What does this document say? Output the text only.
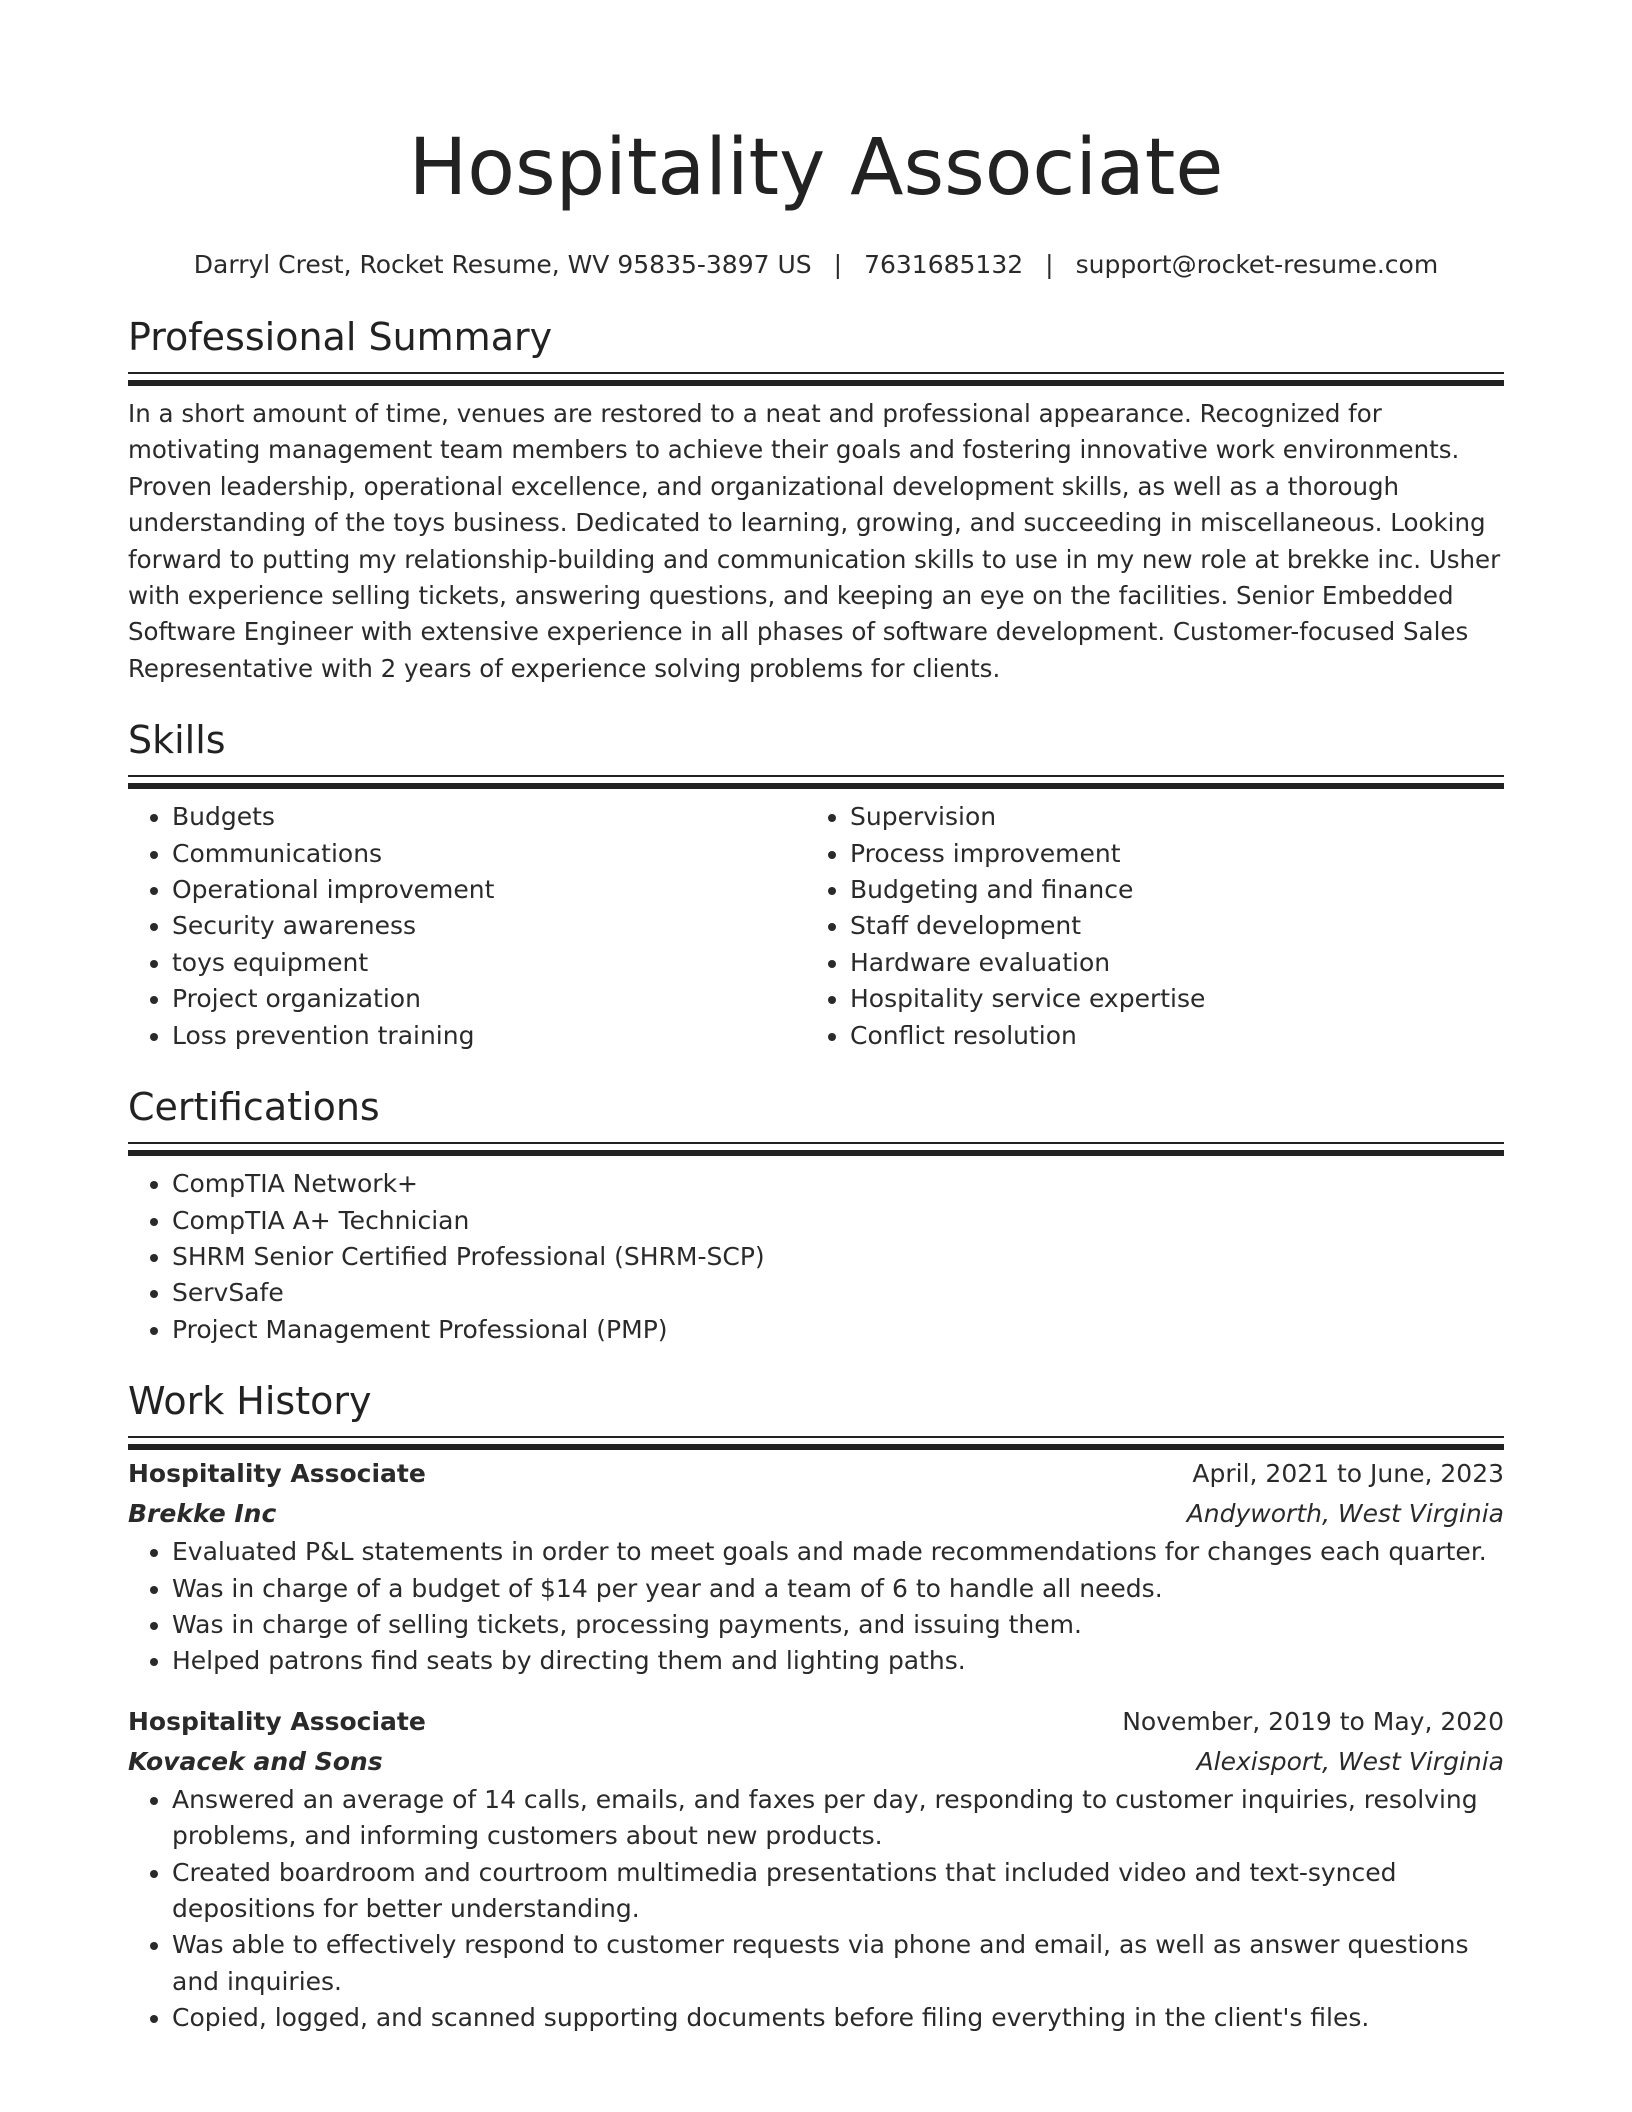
Hospitality Associate
Darryl Crest, Rocket Resume, WV 95835-3897 US | 7631685132 | support@rocket-resume.com
Professional Summary

In a short amount of time, venues are restored to a neat and professional appearance. Recognized for motivating management team members to achieve their goals and fostering innovative work environments. Proven leadership, operational excellence, and organizational development skills, as well as a thorough understanding of the toys business. Dedicated to learning, growing, and succeeding in miscellaneous. Looking forward to putting my relationship-building and communication skills to use in my new role at brekke inc. Usher with experience selling tickets, answering questions, and keeping an eye on the facilities. Senior Embedded Software Engineer with extensive experience in all phases of software development. Customer-focused Sales Representative with 2 years of experience solving problems for clients.

Skills
• Budgets
• Communications
• Operational improvement
• Security awareness
• toys equipment
• Project organization
• Loss prevention training
• Supervision
• Process improvement
• Budgeting and finance
• Staff development
• Hardware evaluation
• Hospitality service expertise
• Conflict resolution
Certifications
• CompTIA Network+
• CompTIA A+ Technician
• SHRM Senior Certified Professional (SHRM-SCP)
• ServSafe
• Project Management Professional (PMP)
Work History
Hospitality Associate	April, 2021 to June, 2023
Brekke Inc	Andyworth, West Virginia
• Evaluated P&L statements in order to meet goals and made recommendations for changes each quarter.
• Was in charge of a budget of $14 per year and a team of 6 to handle all needs.
• Was in charge of selling tickets, processing payments, and issuing them.
• Helped patrons find seats by directing them and lighting paths.
Hospitality Associate	November, 2019 to May, 2020
Kovacek and Sons	Alexisport, West Virginia
• Answered an average of 14 calls, emails, and faxes per day, responding to customer inquiries, resolving problems, and informing customers about new products.
• Created boardroom and courtroom multimedia presentations that included video and text-synced depositions for better understanding.
• Was able to effectively respond to customer requests via phone and email, as well as answer questions and inquiries.
• Copied, logged, and scanned supporting documents before filing everything in the client's files.
